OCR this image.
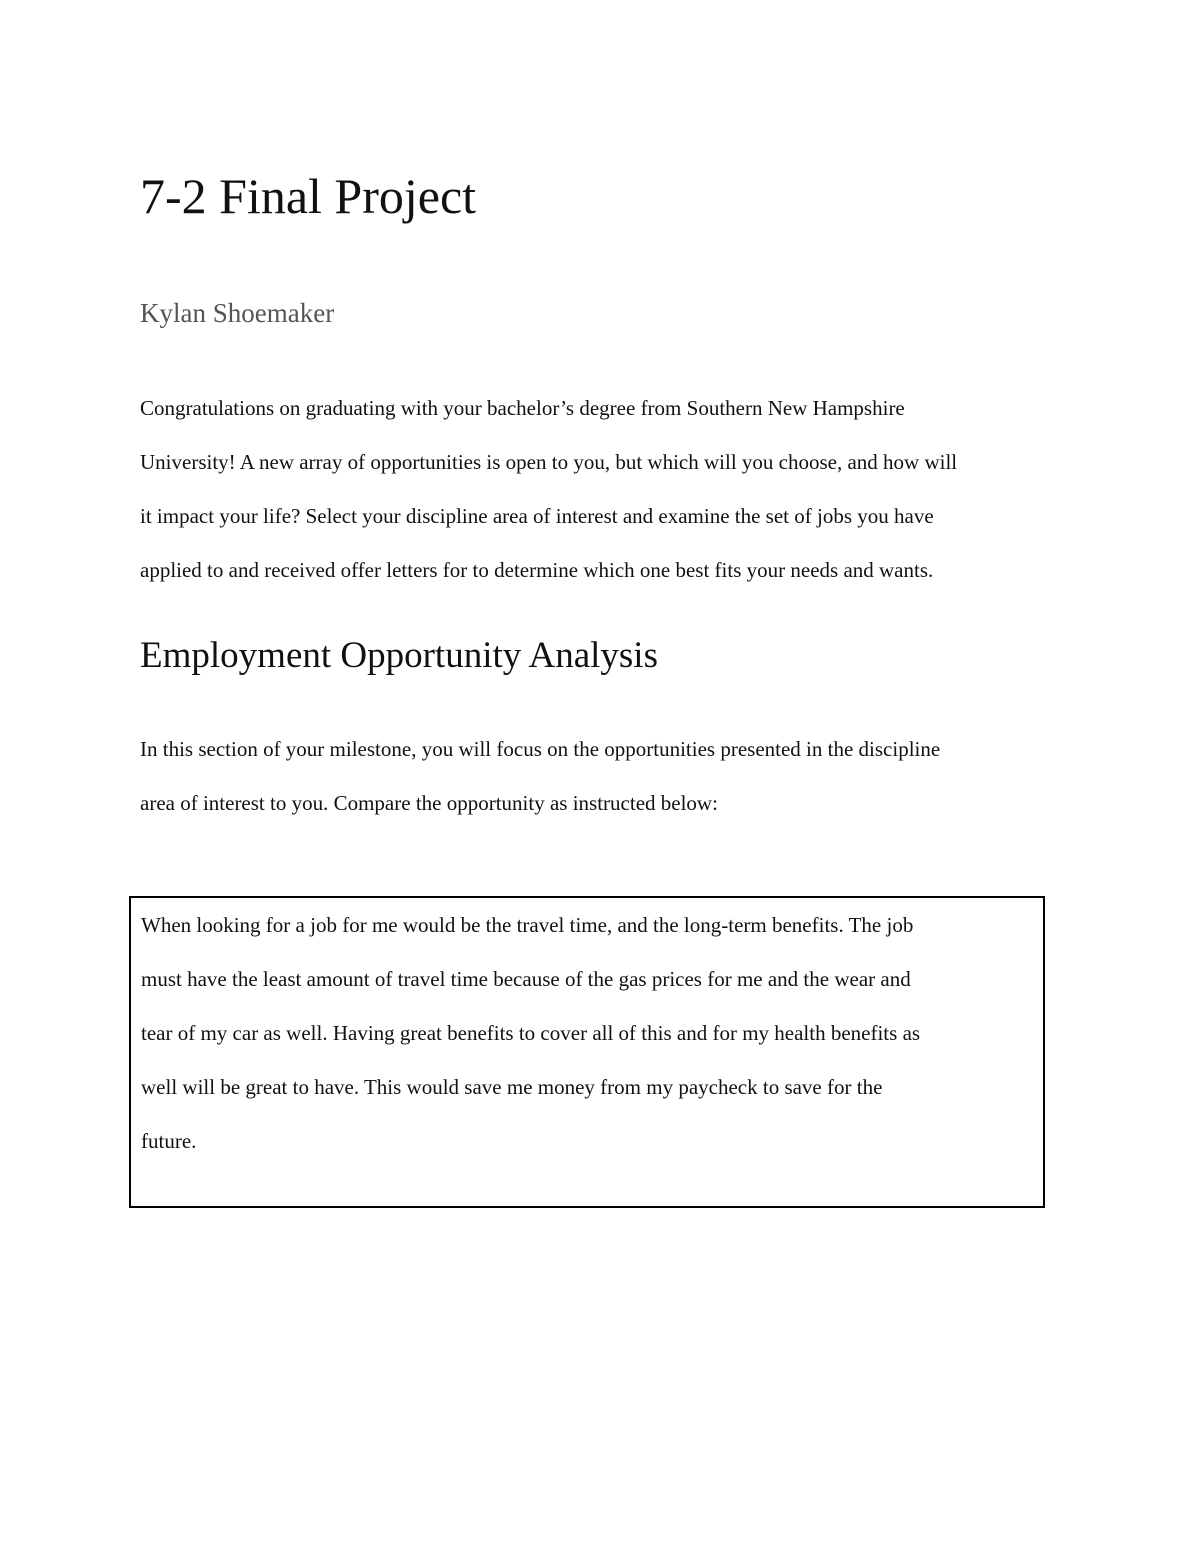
7-2 Final Project

Kylan Shoemaker

Congratulations on graduating with your bachelor’s degree from Southern New Hampshire
University! A new array of opportunities is open to you, but which will you choose, and how will
it impact your life? Select your discipline area of interest and examine the set of jobs you have
applied to and received offer letters for to determine which one best fits your needs and wants.

Employment Opportunity Analysis

In this section of your milestone, you will focus on the opportunities presented in the discipline
area of interest to you. Compare the opportunity as instructed below:

When looking for a job for me would be the travel time, and the long-term benefits. The job
must have the least amount of travel time because of the gas prices for me and the wear and
tear of my car as well. Having great benefits to cover all of this and for my health benefits as
well will be great to have. This would save me money from my paycheck to save for the
future.
